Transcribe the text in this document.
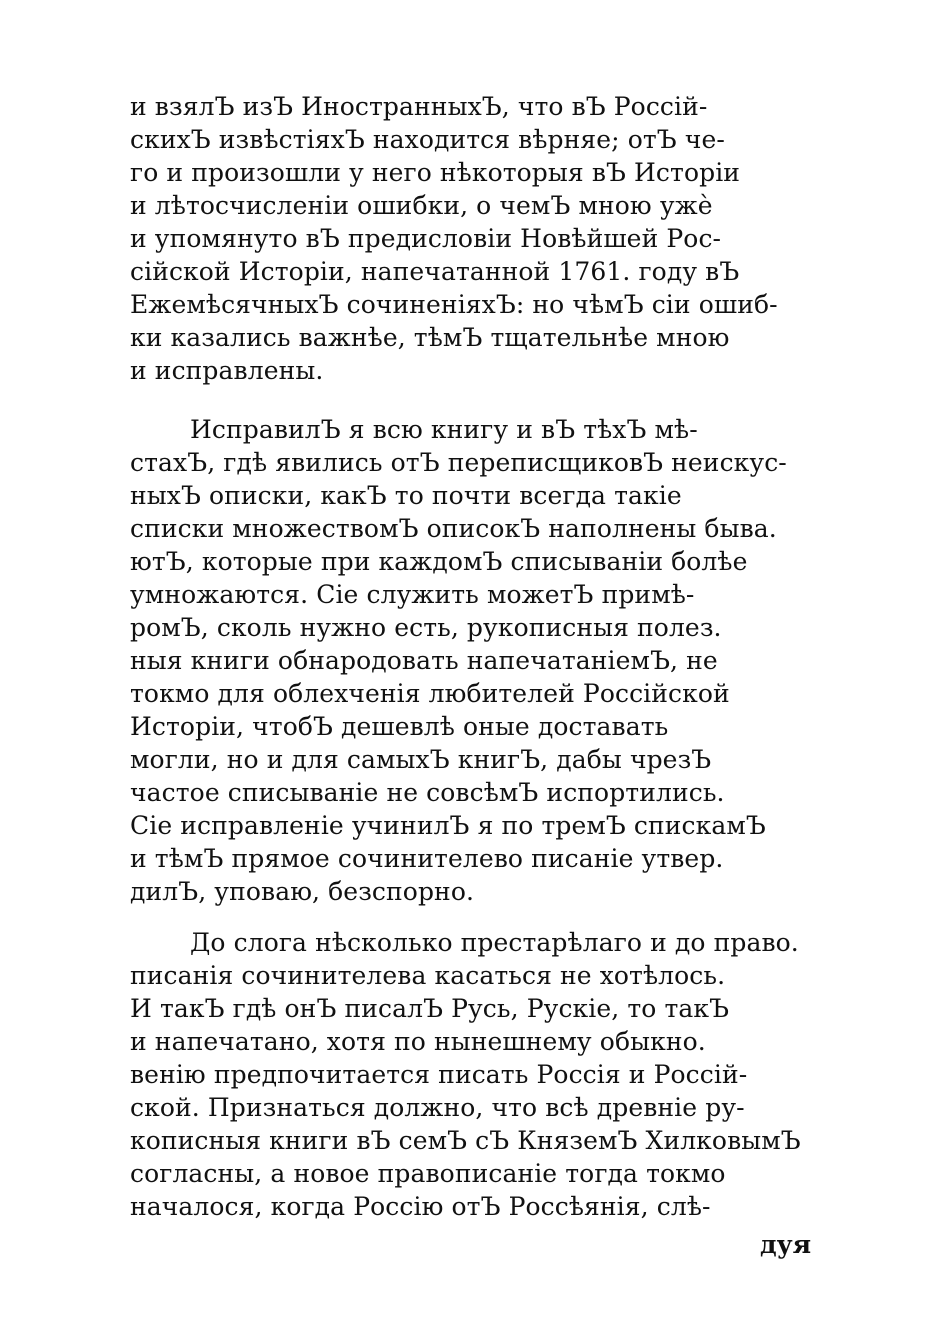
и взялЪ изЪ ИностранныхЪ, что вЪ Россій-
скихЪ извѣстіяхЪ находится вѣрняе; отЪ че-
го и произошли у него нѣкоторыя вЪ Исторіи
и лѣтосчисленіи ошибки, о чемЪ мною ужè
и упомянуто вЪ предисловіи Новѣйшей Рос-
сійской Исторіи, напечатанной 1761. году вЪ
ЕжемѣсячныхЪ сочиненіяхЪ: но чѣмЪ сіи ошиб-
ки казались важнѣе, тѣмЪ тщательнѣе мною
и исправлены.
ИсправилЪ я всю книгу и вЪ тѣхЪ мѣ-
стахЪ, гдѣ явились отЪ переписщиковЪ неискус-
ныхЪ описки, какЪ то почти всегда такіе
списки множествомЪ описокЪ наполнены быва.
ютЪ, которые при каждомЪ списываніи болѣе
умножаются. Сіе служить можетЪ примѣ-
ромЪ, сколь нужно есть, рукописныя полез.
ныя книги обнародовать напечатаніемЪ, не
токмо для облехченія любителей Россійской
Исторіи, чтобЪ дешевлѣ оные доставать
могли, но и для самыхЪ книгЪ, дабы чрезЪ
частое списываніе не совсѣмЪ испортились.
Сіе исправленіе учинилЪ я по тремЪ спискамЪ
и тѣмЪ прямое сочинителево писаніе утвер.
дилЪ, уповаю, безспорно.
До слога нѣсколько престарѣлаго и до право.
писанія сочинителева касаться не хотѣлось.
И такЪ гдѣ онЪ писалЪ Русь, Рускіе, то такЪ
и напечатано, хотя по нынешнему обыкно.
венію предпочитается писать Россія и Россій-
ской. Признаться должно, что всѣ древніе ру-
кописныя книги вЪ семЪ сЪ КняземЪ ХилковымЪ
согласны, а новое правописаніе тогда токмо
началося, когда Россію отЪ Россѣянія, слѣ-
дуя
